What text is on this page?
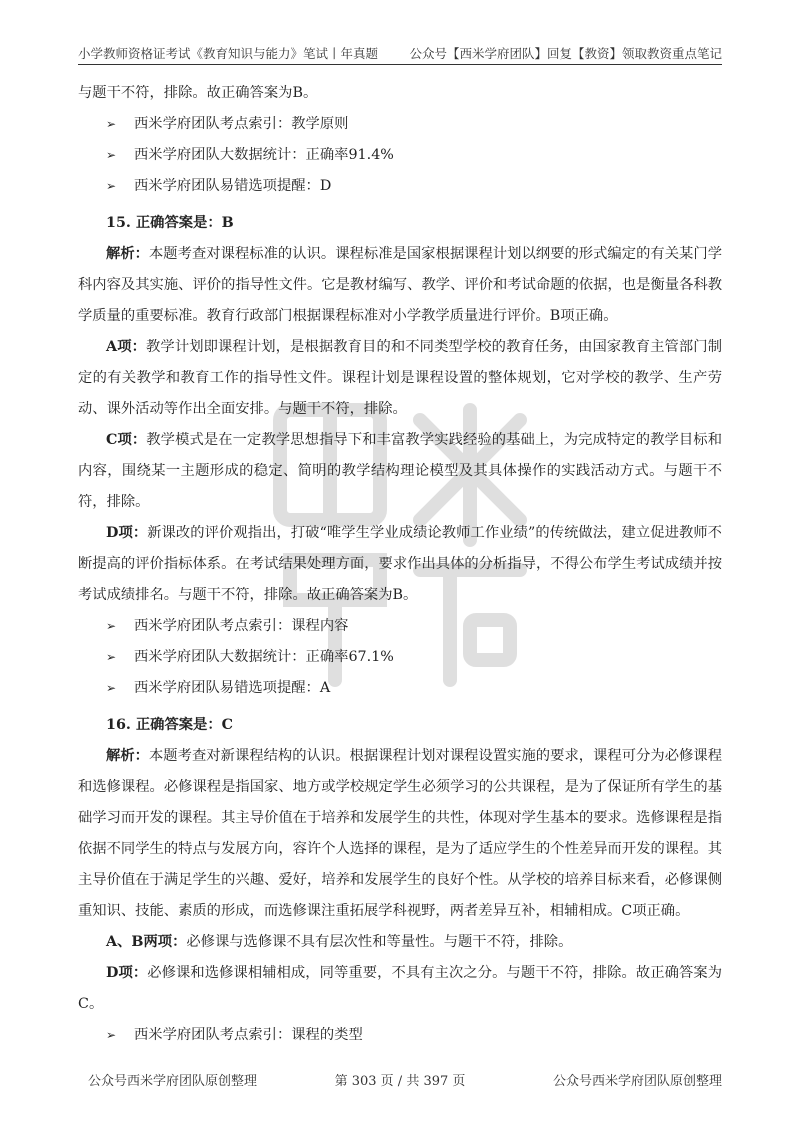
小学教师资格证考试《教育知识与能力》笔试丨年真题	公众号【西米学府团队】回复【教资】领取教资重点笔记

与题干不符，排除。故正确答案为B。

➢ 西米学府团队考点索引：教学原则

➢ 西米学府团队大数据统计：正确率91.4%

➢ 西米学府团队易错选项提醒：D

15. 正确答案是：B

解析：本题考查对课程标准的认识。课程标准是国家根据课程计划以纲要的形式编定的有关某门学科内容及其实施、评价的指导性文件。它是教材编写、教学、评价和考试命题的依据，也是衡量各科教学质量的重要标准。教育行政部门根据课程标准对小学教学质量进行评价。B项正确。

A项：教学计划即课程计划，是根据教育目的和不同类型学校的教育任务，由国家教育主管部门制定的有关教学和教育工作的指导性文件。课程计划是课程设置的整体规划，它对学校的教学、生产劳动、课外活动等作出全面安排。与题干不符，排除。

C项：教学模式是在一定教学思想指导下和丰富教学实践经验的基础上，为完成特定的教学目标和内容，围绕某一主题形成的稳定、简明的教学结构理论模型及其具体操作的实践活动方式。与题干不符，排除。

D项：新课改的评价观指出，打破“唯学生学业成绩论教师工作业绩”的传统做法，建立促进教师不断提高的评价指标体系。在考试结果处理方面，要求作出具体的分析指导，不得公布学生考试成绩并按考试成绩排名。与题干不符，排除。故正确答案为B。

➢ 西米学府团队考点索引：课程内容

➢ 西米学府团队大数据统计：正确率67.1%

➢ 西米学府团队易错选项提醒：A

16. 正确答案是：C

解析：本题考查对新课程结构的认识。根据课程计划对课程设置实施的要求，课程可分为必修课程和选修课程。必修课程是指国家、地方或学校规定学生必须学习的公共课程，是为了保证所有学生的基础学习而开发的课程。其主导价值在于培养和发展学生的共性，体现对学生基本的要求。选修课程是指依据不同学生的特点与发展方向，容许个人选择的课程，是为了适应学生的个性差异而开发的课程。其主导价值在于满足学生的兴趣、爱好，培养和发展学生的良好个性。从学校的培养目标来看，必修课侧重知识、技能、素质的形成，而选修课注重拓展学科视野，两者差异互补，相辅相成。C项正确。

A、B两项：必修课与选修课不具有层次性和等量性。与题干不符，排除。

D项：必修课和选修课相辅相成，同等重要，不具有主次之分。与题干不符，排除。故正确答案为C。

➢ 西米学府团队考点索引：课程的类型

公众号西米学府团队原创整理	第 303 页 / 共 397 页	公众号西米学府团队原创整理
